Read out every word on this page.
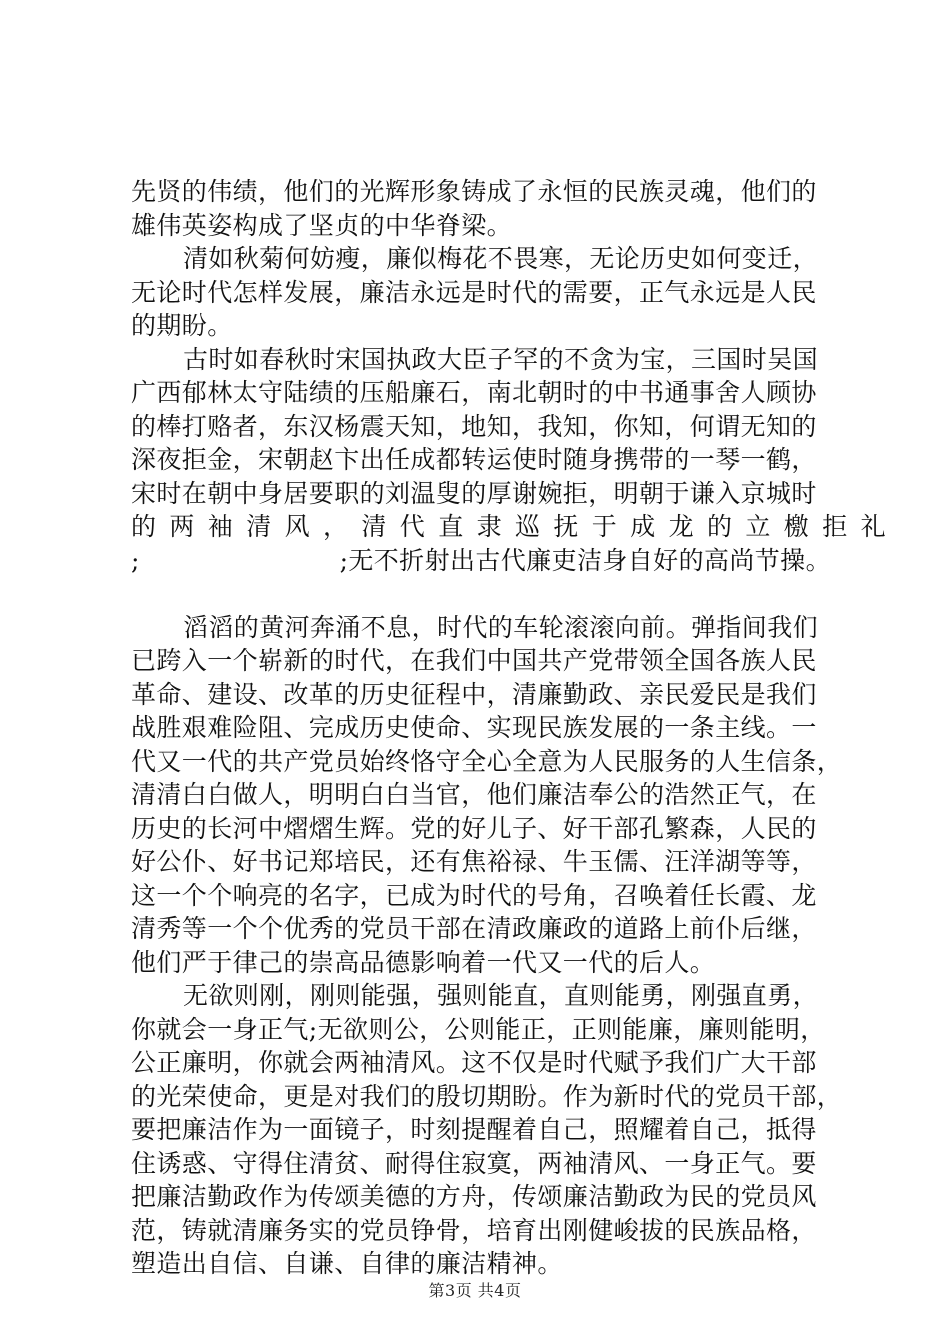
先贤的伟绩，他们的光辉形象铸成了永恒的民族灵魂，他们的
雄伟英姿构成了坚贞的中华脊梁。
清如秋菊何妨瘦，廉似梅花不畏寒，无论历史如何变迁，
无论时代怎样发展，廉洁永远是时代的需要，正气永远是人民
的期盼。
古时如春秋时宋国执政大臣子罕的不贪为宝，三国时吴国
广西郁林太守陆绩的压船廉石，南北朝时的中书通事舍人顾协
的棒打赂者，东汉杨震天知，地知，我知，你知，何谓无知的
深夜拒金，宋朝赵卞出任成都转运使时随身携带的一琴一鹤，
宋时在朝中身居要职的刘温叟的厚谢婉拒，明朝于谦入京城时
的两袖清风，清代直隶巡抚于成龙的立檄拒礼
;	;无不折射出古代廉吏洁身自好的高尚节操。
滔滔的黄河奔涌不息，时代的车轮滚滚向前。弹指间我们
已跨入一个崭新的时代，在我们中国共产党带领全国各族人民
革命、建设、改革的历史征程中，清廉勤政、亲民爱民是我们
战胜艰难险阻、完成历史使命、实现民族发展的一条主线。一
代又一代的共产党员始终恪守全心全意为人民服务的人生信条，
清清白白做人，明明白白当官，他们廉洁奉公的浩然正气，在
历史的长河中熠熠生辉。党的好儿子、好干部孔繁森，人民的
好公仆、好书记郑培民，还有焦裕禄、牛玉儒、汪洋湖等等，
这一个个响亮的名字，已成为时代的号角，召唤着任长霞、龙
清秀等一个个优秀的党员干部在清政廉政的道路上前仆后继，
他们严于律己的崇高品德影响着一代又一代的后人。
无欲则刚，刚则能强，强则能直，直则能勇，刚强直勇，
你就会一身正气;无欲则公，公则能正，正则能廉，廉则能明，
公正廉明，你就会两袖清风。这不仅是时代赋予我们广大干部
的光荣使命，更是对我们的殷切期盼。作为新时代的党员干部，
要把廉洁作为一面镜子，时刻提醒着自己，照耀着自己，抵得
住诱惑、守得住清贫、耐得住寂寞，两袖清风、一身正气。要
把廉洁勤政作为传颂美德的方舟，传颂廉洁勤政为民的党员风
范，铸就清廉务实的党员铮骨，培育出刚健峻拔的民族品格，
塑造出自信、自谦、自律的廉洁精神。
第3页 共4页
